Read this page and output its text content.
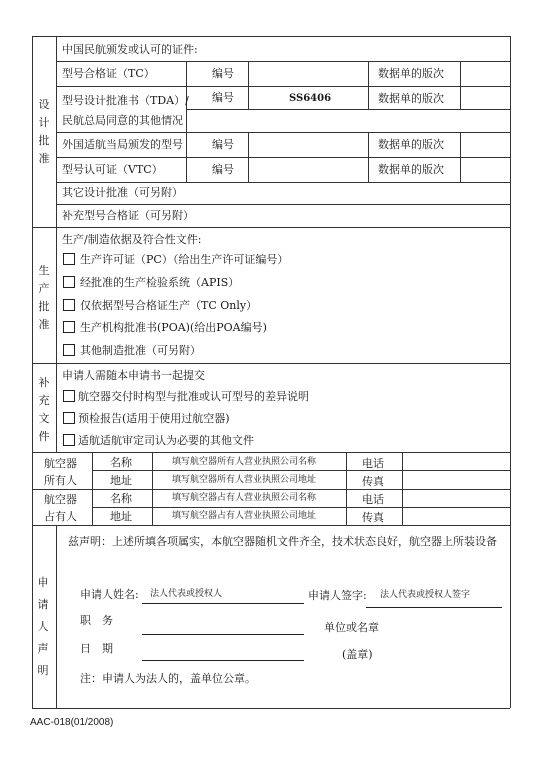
设
计
批
准
中国民航颁发或认可的证件:
型号合格证（TC）	编号	数据单的版次
型号设计批准书（TDA）/ 编号	SS6406	数据单的版次
民航总局同意的其他情况
外国适航当局颁发的型号	编号	数据单的版次
型号认可证（VTC）	编号	数据单的版次
其它设计批准（可另附）
补充型号合格证（可另附）
生
产
批
准
生产/制造依据及符合性文件:
生产许可证（PC）（给出生产许可证编号）
经批准的生产检验系统（APIS）
仅依据型号合格证生产（TC Only）
生产机构批准书(POA)(给出POA编号)
其他制造批准（可另附）
补
充
文
件
申请人需随本申请书一起提交
航空器交付时构型与批准或认可型号的差异说明
预检报告(适用于使用过航空器)
适航适航审定司认为必要的其他文件
航空器
所有人
名称	填写航空器所有人营业执照公司名称	电话
地址	填写航空器所有人营业执照公司地址	传真
航空器
占有人
名称	填写航空器占有人营业执照公司名称	电话
地址	填写航空器占有人营业执照公司地址	传真
申
请
人
声
明
兹声明：上述所填各项属实，本航空器随机文件齐全，技术状态良好，航空器上所装设备
申请人姓名: 法人代表或授权人	申请人签字: 法人代表或授权人签字
职　务
单位或名章
日　期	(盖章)
注：申请人为法人的，盖单位公章。
AAC-018(01/2008)
